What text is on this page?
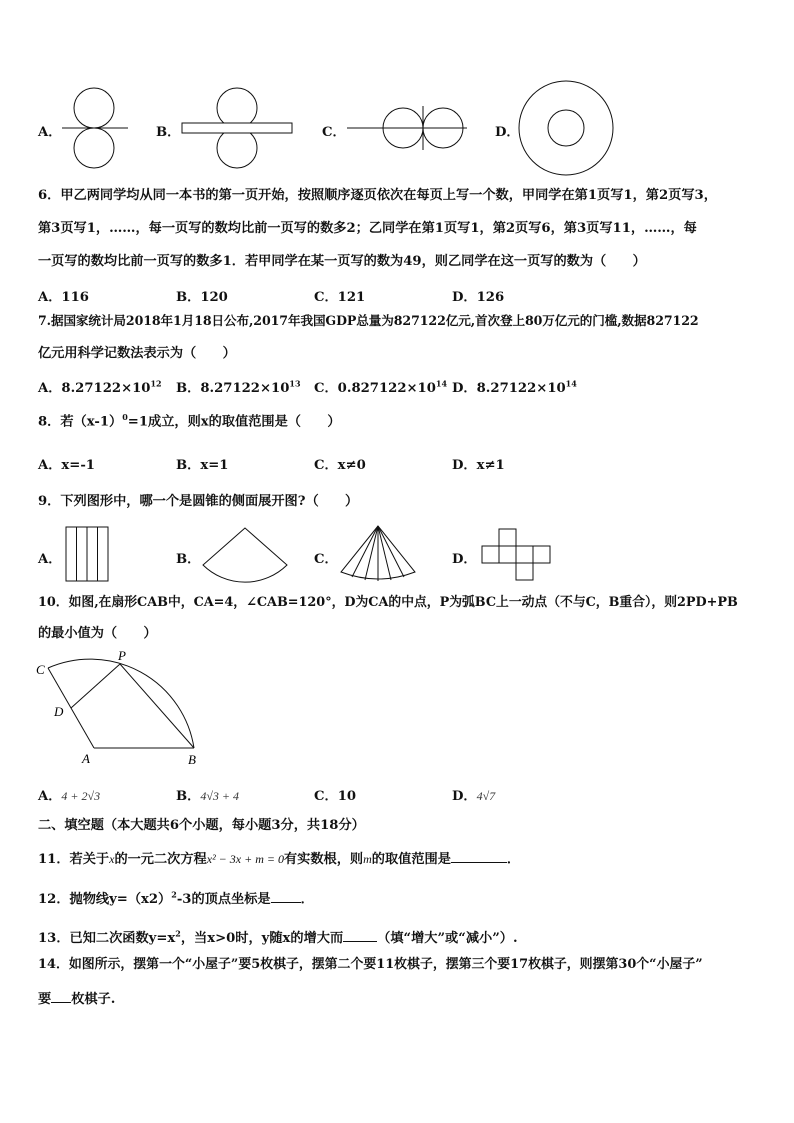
A．	B．	C．	D．
6．甲乙两同学均从同一本书的第一页开始，按照顺序逐页依次在每页上写一个数，甲同学在第1页写1，第2页写3，
第3页写1，……，每一页写的数均比前一页写的数多2；乙同学在第1页写1，第2页写6，第3页写11，……，每
一页写的数均比前一页写的数多1．若甲同学在某一页写的数为49，则乙同学在这一页写的数为（　　）
A．116	B．120	C．121	D．126
7.据国家统计局2018年1月18日公布,2017年我国GDP总量为827122亿元,首次登上80万亿元的门槛,数据827122
亿元用科学记数法表示为（　　）
A．$8.27122\times 10^{12}$ B．$8.27122\times 10^{13}$ C．$0.827122\times 10^{14}$ D．$8.27122\times 10^{14}$
8．若$(x-1)^0=1$成立，则x的取值范围是（　　）
A．x=-1	B．x=1	C．x≠0	D．x≠1
9．下列图形中，哪一个是圆锥的侧面展开图?（　　）
A．	B．	C．	D．
10．如图,在扇形CAB中，CA=4，∠CAB=120°，D为CA的中点，P为弧BC上一动点（不与C，B重合），则2PD+PB
的最小值为（　　）
C
P
D
A	B
A．4 + 2√3	B．4√3 + 4	C．10	D．4√7
二、填空题（本大题共6个小题，每小题3分，共18分）
11．若关于x的一元二次方程x² − 3x + m = 0有实数根，则m的取值范围是	．
12．抛物线$y=(x2)^2-3$的顶点坐标是 ．
13．已知二次函数$y=x^2$，当x>0时，y随x的增大而	（填“增大”或“减小”）.
14．如图所示，摆第一个“小屋子”要5枚棋子，摆第二个要11枚棋子，摆第三个要17枚棋子，则摆第30个“小屋子”
要 枚棋子.
